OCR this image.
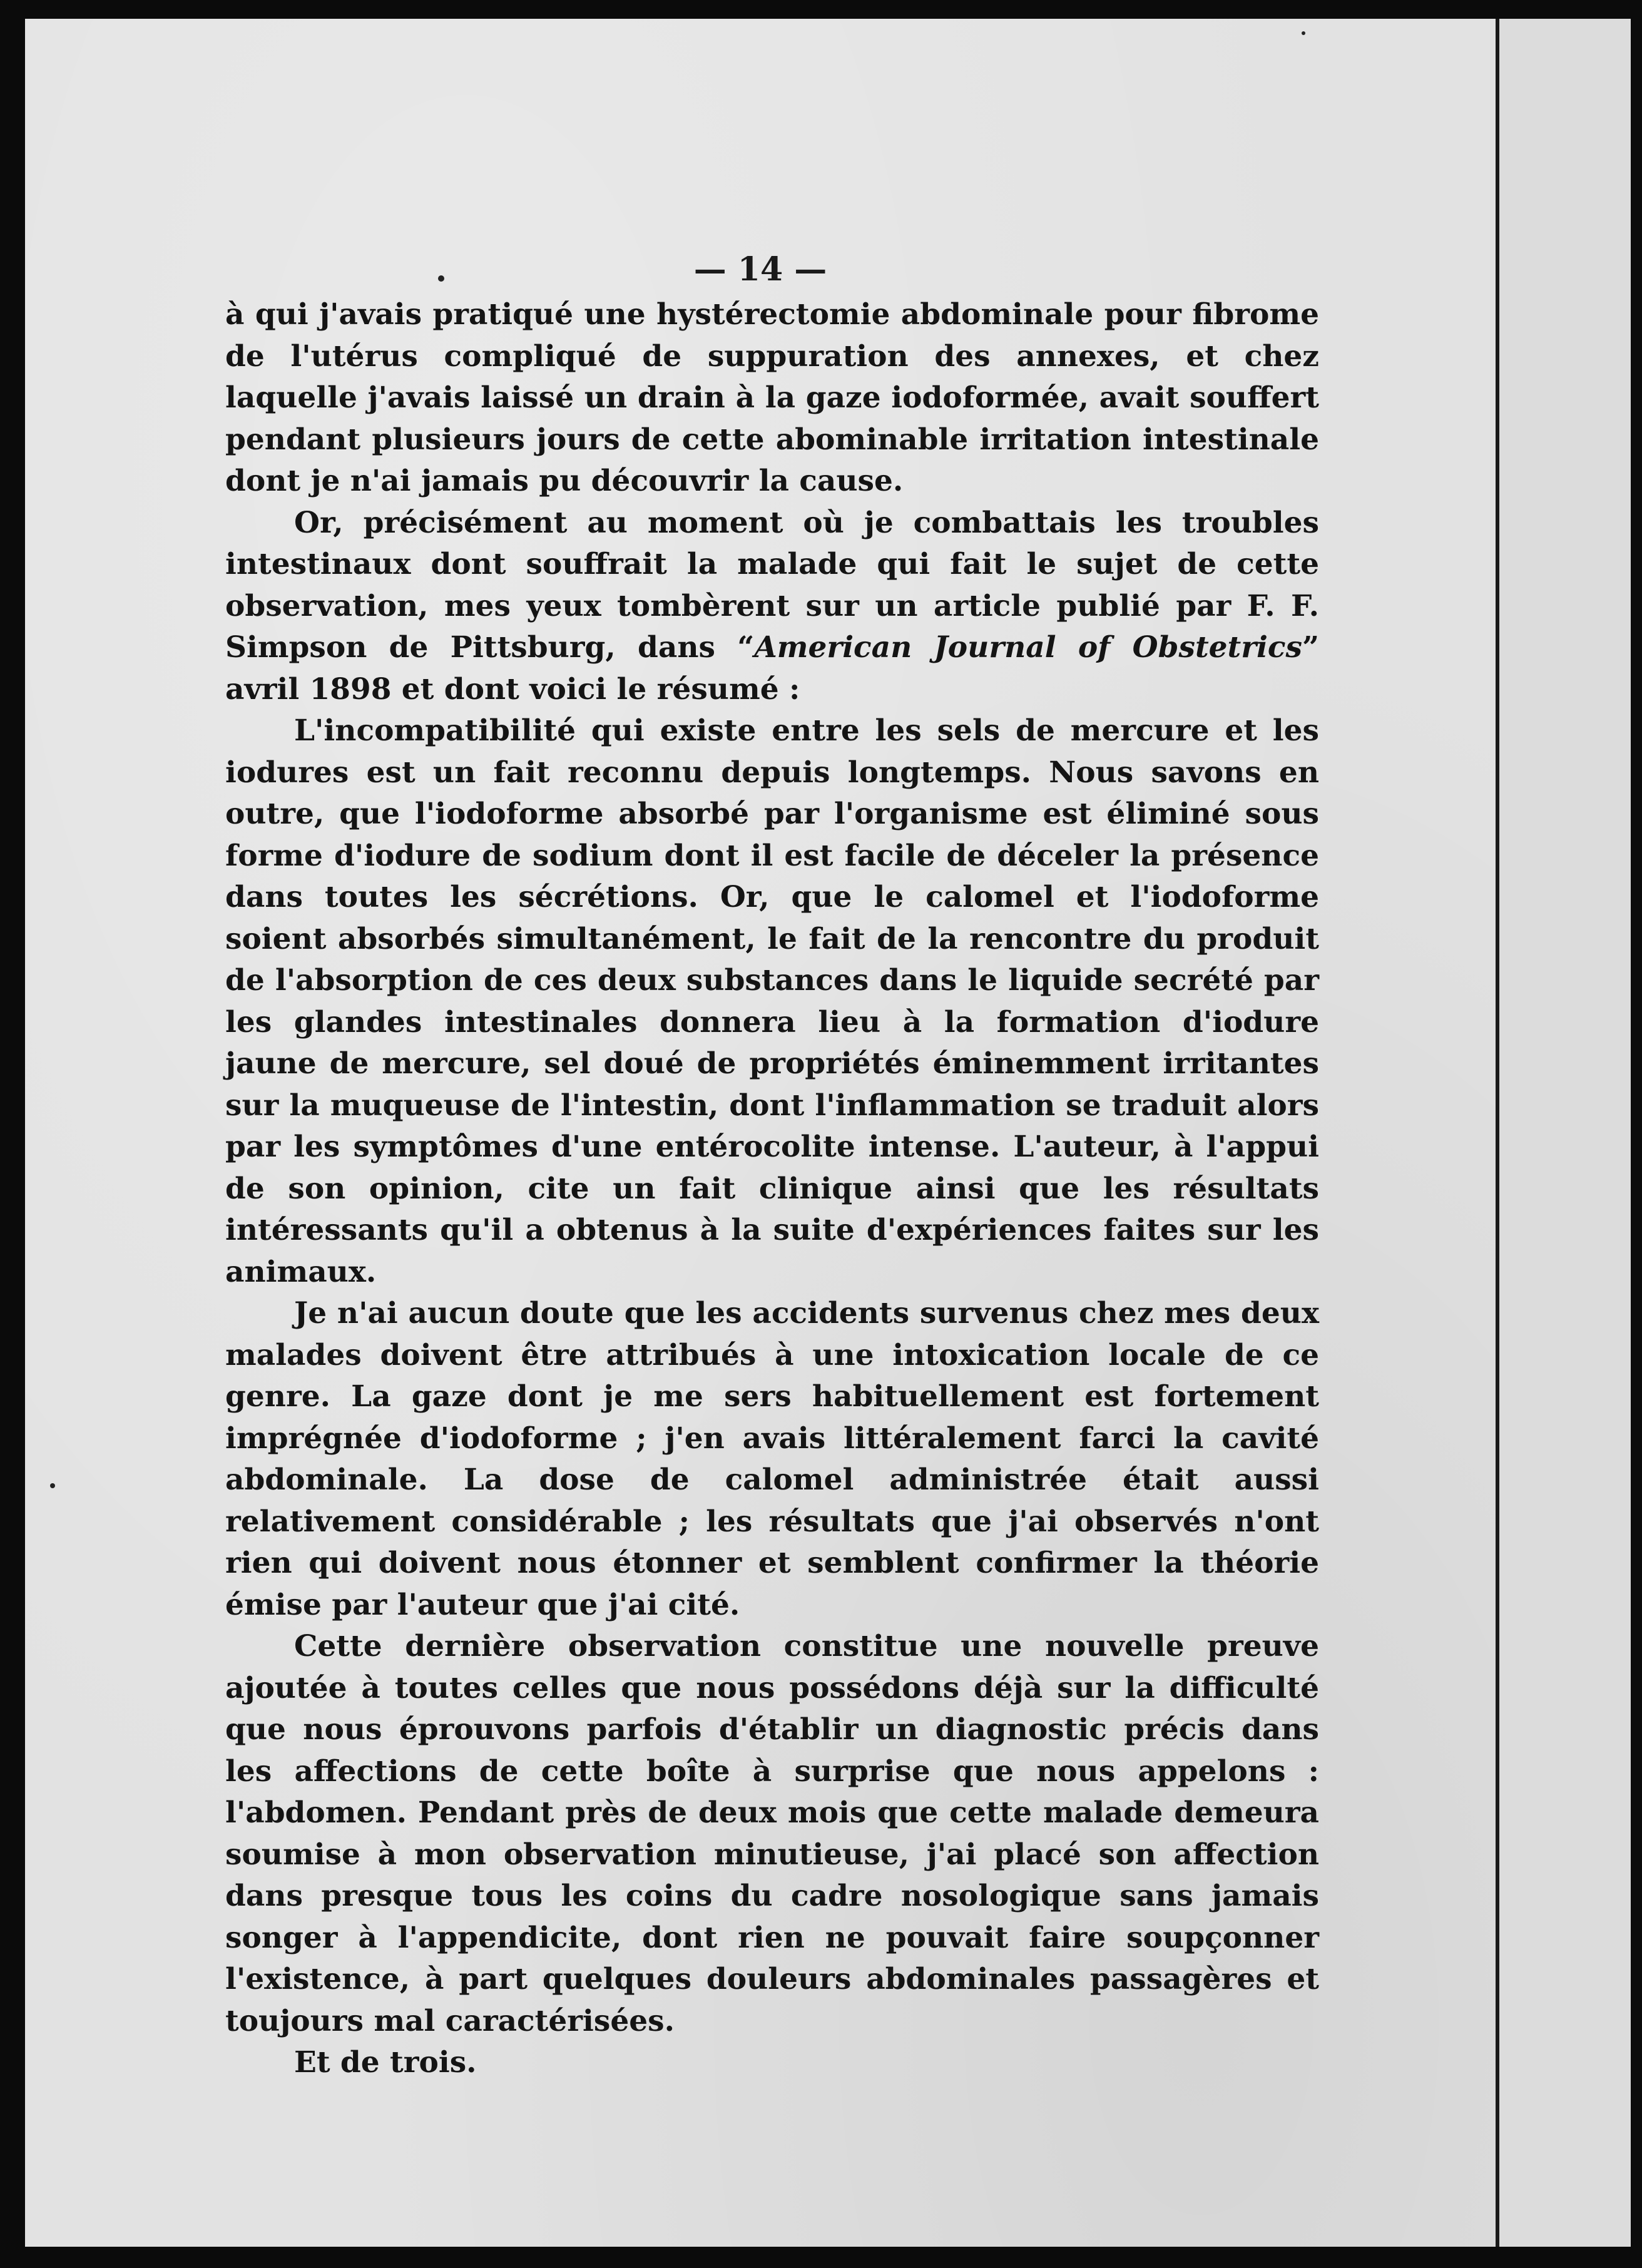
— 14 —

à qui j'avais pratiqué une hystérectomie abdominale pour fibrome de l'utérus compliqué de suppuration des annexes, et chez laquelle j'avais laissé un drain à la gaze iodoformée, avait souffert pendant plusieurs jours de cette abominable irritation intestinale dont je n'ai jamais pu découvrir la cause.

Or, précisément au moment où je combattais les troubles intestinaux dont souffrait la malade qui fait le sujet de cette observation, mes yeux tombèrent sur un article publié par F. F. Simpson de Pittsburg, dans “American Journal of Obstetrics” avril 1898 et dont voici le résumé :

L'incompatibilité qui existe entre les sels de mercure et les iodures est un fait reconnu depuis longtemps. Nous savons en outre, que l'iodoforme absorbé par l'organisme est éliminé sous forme d'iodure de sodium dont il est facile de déceler la présence dans toutes les sécrétions. Or, que le calomel et l'iodoforme soient absorbés simultanément, le fait de la rencontre du produit de l'absorption de ces deux substances dans le liquide secrété par les glandes intestinales donnera lieu à la formation d'iodure jaune de mercure, sel doué de propriétés éminemment irritantes sur la muqueuse de l'intestin, dont l'inflammation se traduit alors par les symptômes d'une entérocolite intense. L'auteur, à l'appui de son opinion, cite un fait clinique ainsi que les résultats intéressants qu'il a obtenus à la suite d'expériences faites sur les animaux.

Je n'ai aucun doute que les accidents survenus chez mes deux malades doivent être attribués à une intoxication locale de ce genre. La gaze dont je me sers habituellement est fortement imprégnée d'iodoforme ; j'en avais littéralement farci la cavité abdominale. La dose de calomel administrée était aussi relativement considérable ; les résultats que j'ai observés n'ont rien qui doivent nous étonner et semblent confirmer la théorie émise par l'auteur que j'ai cité.

Cette dernière observation constitue une nouvelle preuve ajoutée à toutes celles que nous possédons déjà sur la difficulté que nous éprouvons parfois d'établir un diagnostic précis dans les affections de cette boîte à surprise que nous appelons : l'abdomen. Pendant près de deux mois que cette malade demeura soumise à mon observation minutieuse, j'ai placé son affection dans presque tous les coins du cadre nosologique sans jamais songer à l'appendicite, dont rien ne pouvait faire soupçonner l'existence, à part quelques douleurs abdominales passagères et toujours mal caractérisées.

Et de trois.
